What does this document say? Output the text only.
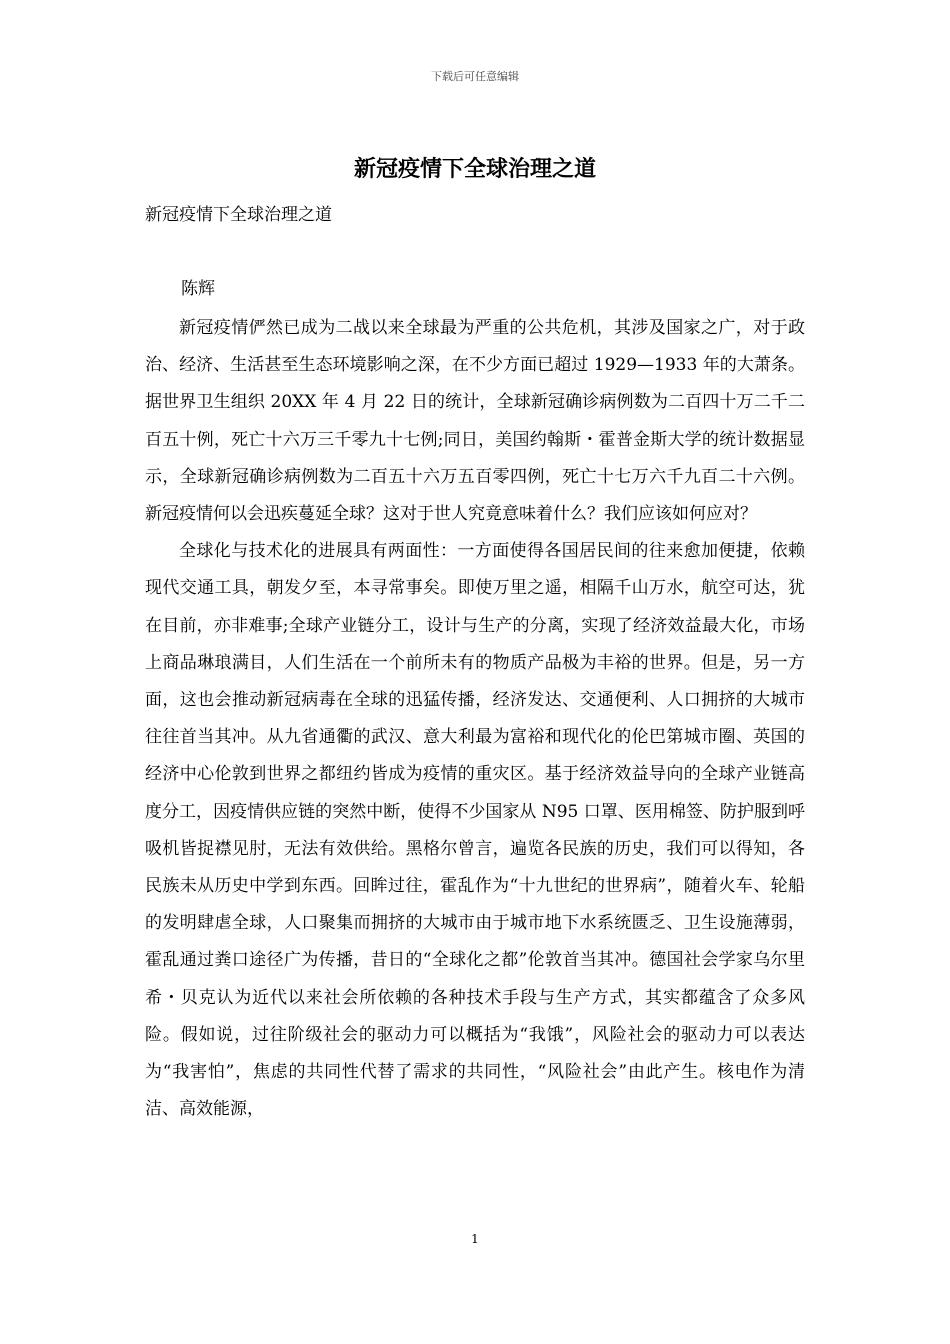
下载后可任意编辑
新冠疫情下全球治理之道

新冠疫情下全球治理之道

陈辉

新冠疫情俨然已成为二战以来全球最为严重的公共危机，其涉及国家之广，对于政治、经济、生活甚至生态环境影响之深，在不少方面已超过 1929—1933 年的大萧条。据世界卫生组织 20XX 年 4 月 22 日的统计，全球新冠确诊病例数为二百四十万二千二百五十例，死亡十六万三千零九十七例;同日，美国约翰斯・霍普金斯大学的统计数据显示，全球新冠确诊病例数为二百五十六万五百零四例，死亡十七万六千九百二十六例。新冠疫情何以会迅疾蔓延全球？这对于世人究竟意味着什么？我们应该如何应对？

全球化与技术化的进展具有两面性：一方面使得各国居民间的往来愈加便捷，依赖现代交通工具，朝发夕至，本寻常事矣。即使万里之遥，相隔千山万水，航空可达，犹在目前，亦非难事;全球产业链分工，设计与生产的分离，实现了经济效益最大化，市场上商品琳琅满目，人们生活在一个前所未有的物质产品极为丰裕的世界。但是，另一方面，这也会推动新冠病毒在全球的迅猛传播，经济发达、交通便利、人口拥挤的大城市往往首当其冲。从九省通衢的武汉、意大利最为富裕和现代化的伦巴第城市圈、英国的经济中心伦敦到世界之都纽约皆成为疫情的重灾区。基于经济效益导向的全球产业链高度分工，因疫情供应链的突然中断，使得不少国家从 N95 口罩、医用棉签、防护服到呼吸机皆捉襟见肘，无法有效供给。黑格尔曾言，遍览各民族的历史，我们可以得知，各民族未从历史中学到东西。回眸过往，霍乱作为“十九世纪的世界病”，随着火车、轮船的发明肆虐全球，人口聚集而拥挤的大城市由于城市地下水系统匮乏、卫生设施薄弱，霍乱通过粪口途径广为传播，昔日的“全球化之都”伦敦首当其冲。德国社会学家乌尔里希・贝克认为近代以来社会所依赖的各种技术手段与生产方式，其实都蕴含了众多风险。假如说，过往阶级社会的驱动力可以概括为“我饿”，风险社会的驱动力可以表达为“我害怕”，焦虑的共同性代替了需求的共同性，“风险社会”由此产生。核电作为清洁、高效能源，

1
